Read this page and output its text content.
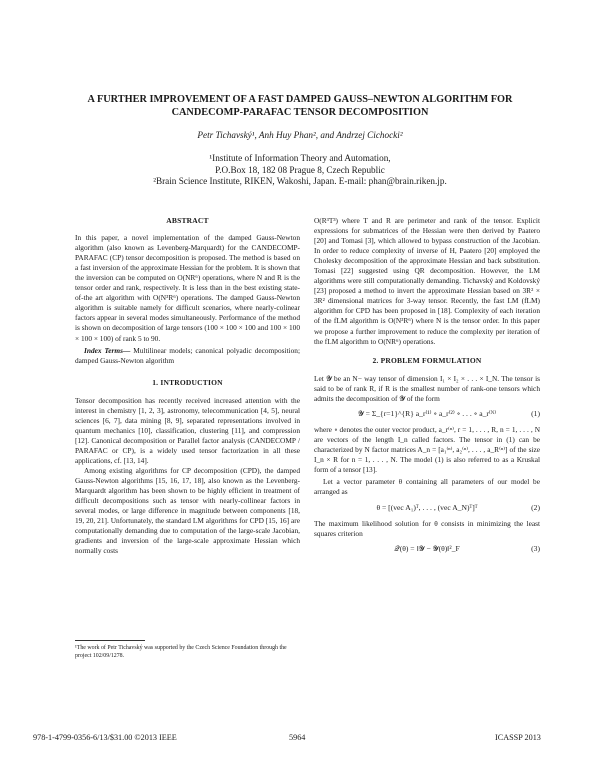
A FURTHER IMPROVEMENT OF A FAST DAMPED GAUSS–NEWTON ALGORITHM FOR
CANDECOMP-PARAFAC TENSOR DECOMPOSITION
Petr Tichavský¹, Anh Huy Phan², and Andrzej Cichocki²
¹Institute of Information Theory and Automation,
P.O.Box 18, 182 08 Prague 8, Czech Republic
²Brain Science Institute, RIKEN, Wakoshi, Japan. E-mail: phan@brain.riken.jp.
ABSTRACT

In this paper, a novel implementation of the damped Gauss-Newton algorithm (also known as Levenberg-Marquardt) for the CANDECOMP-PARAFAC (CP) tensor decomposition is proposed. The method is based on a fast inversion of the approximate Hessian for the problem. It is shown that the inversion can be computed on O(NR⁶) operations, where N and R is the tensor order and rank, respectively. It is less than in the best existing state-of-the art algorithm with O(N³R⁶) operations. The damped Gauss-Newton algorithm is suitable namely for difficult scenarios, where nearly-colinear factors appear in several modes simultaneously. Performance of the method is shown on decomposition of large tensors (100 × 100 × 100 and 100 × 100 × 100 × 100) of rank 5 to 90.

Index Terms— Multilinear models; canonical polyadic decomposition; damped Gauss-Newton algorithm

1. INTRODUCTION

Tensor decomposition has recently received increased attention with the interest in chemistry [1, 2, 3], astronomy, telecommunication [4, 5], neural sciences [6, 7], data mining [8, 9], separated representations involved in quantum mechanics [10], classification, clustering [11], and compression [12]. Canonical decomposition or Parallel factor analysis (CANDECOMP / PARAFAC or CP), is a widely used tensor factorization in all these applications, cf. [13, 14].

Among existing algorithms for CP decomposition (CPD), the damped Gauss-Newton algorithms [15, 16, 17, 18], also known as the Levenberg-Marquardt algorithm has been shown to be highly efficient in treatment of difficult decompositions such as tensor with nearly-collinear factors in several modes, or large difference in magnitude between components [18, 19, 20, 21]. Unfortunately, the standard LM algorithms for CPD [15, 16] are computationally demanding due to computation of the large-scale Jacobian, gradients and inversion of the large-scale approximate Hessian which normally costs

¹The work of Petr Tichavský was supported by the Czech Science Foundation through the project 102/09/1278.

O(R³T³) where T and R are perimeter and rank of the tensor. Explicit expressions for submatrices of the Hessian were then derived by Paatero [20] and Tomasi [3], which allowed to bypass construction of the Jacobian. In order to reduce complexity of inverse of H, Paatero [20] employed the Cholesky decomposition of the approximate Hessian and back substitution. Tomasi [22] suggested using QR decomposition. However, the LM algorithms were still computationally demanding. Tichavský and Koldovský [23] proposed a method to invert the approximate Hessian based on 3R² × 3R² dimensional matrices for 3-way tensor. Recently, the fast LM (fLM) algorithm for CPD has been proposed in [18]. Complexity of each iteration of the fLM algorithm is O(N³R⁶) where N is the tensor order. In this paper we propose a further improvement to reduce the complexity per iteration of the fLM algorithm to O(NR⁶) operations.

2. PROBLEM FORMULATION

Let 𝓨 be an N− way tensor of dimension I₁ × I₂ × . . . × I_N. The tensor is said to be of rank R, if R is the smallest number of rank-one tensors which admits the decomposition of 𝓨 of the form

𝓨 = Σ_{r=1}^{R} a_r⁽¹⁾ ∘ a_r⁽²⁾ ∘ . . . ∘ a_r⁽ᴺ⁾	(1)

where ∘ denotes the outer vector product, a_r⁽ⁿ⁾, r = 1, . . . , R, n = 1, . . . , N are vectors of the length I_n called factors. The tensor in (1) can be characterized by N factor matrices A_n = [a₁⁽ⁿ⁾, a₂⁽ⁿ⁾, . . . , a_R⁽ⁿ⁾] of the size I_n × R for n = 1, . . . , N. The model (1) is also referred to as a Kruskal form of a tensor [13].

Let a vector parameter θ containing all parameters of our model be arranged as

θ = [(vec A₁)ᵀ, . . . , (vec A_N)ᵀ]ᵀ	(2)

The maximum likelihood solution for θ consists in minimizing the least squares criterion

𝒬(θ) = ‖𝓨 − 𝓨(θ)‖²_F	(3)
978-1-4799-0356-6/13/$31.00 ©2013 IEEE	5964	ICASSP 2013
